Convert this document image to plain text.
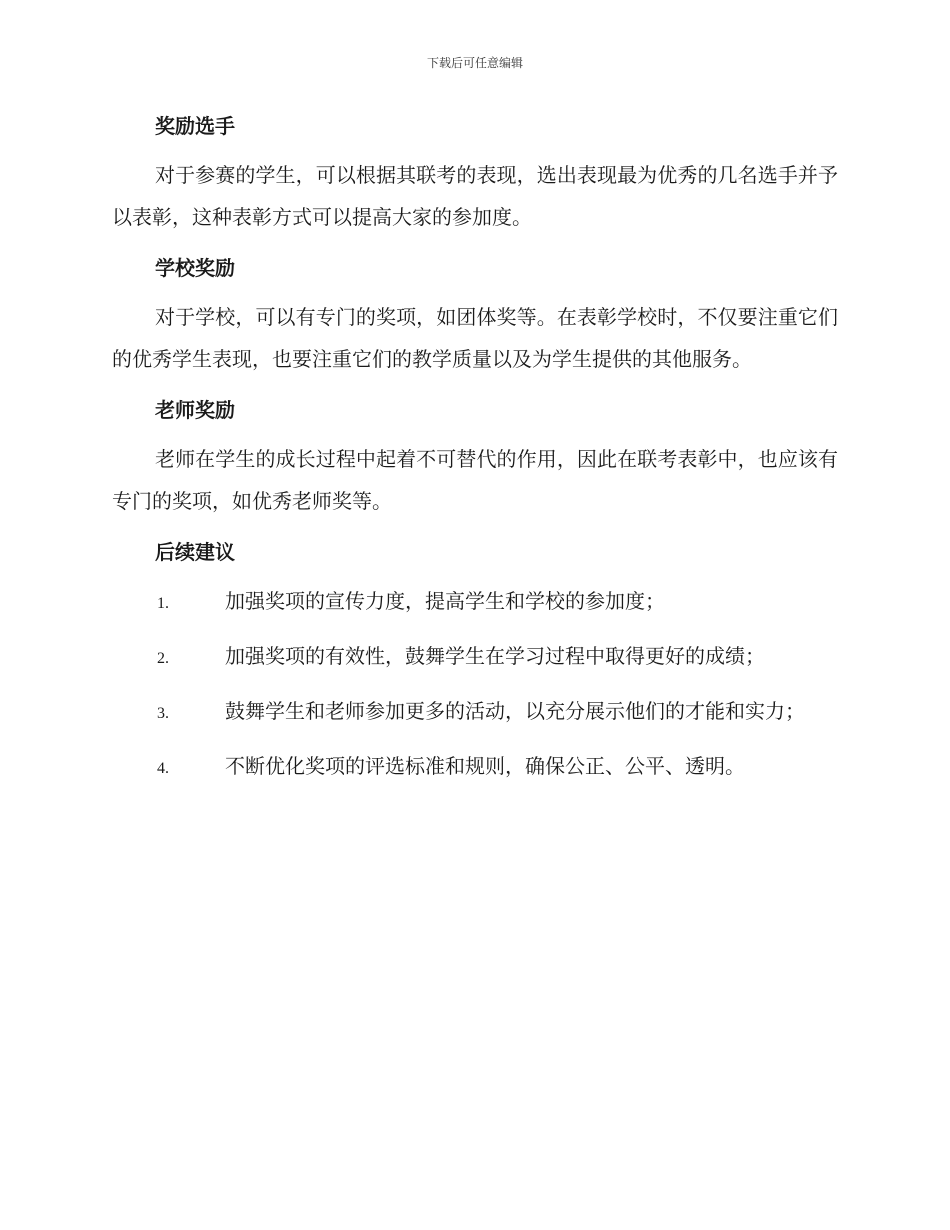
下载后可任意编辑
奖励选手

对于参赛的学生，可以根据其联考的表现，选出表现最为优秀的几名选手并予以表彰，这种表彰方式可以提高大家的参加度。

学校奖励

对于学校，可以有专门的奖项，如团体奖等。在表彰学校时，不仅要注重它们的优秀学生表现，也要注重它们的教学质量以及为学生提供的其他服务。

老师奖励

老师在学生的成长过程中起着不可替代的作用，因此在联考表彰中，也应该有专门的奖项，如优秀老师奖等。

后续建议
1.	加强奖项的宣传力度，提高学生和学校的参加度；
2.	加强奖项的有效性，鼓舞学生在学习过程中取得更好的成绩；
3.	鼓舞学生和老师参加更多的活动，以充分展示他们的才能和实力；
4.	不断优化奖项的评选标准和规则，确保公正、公平、透明。
